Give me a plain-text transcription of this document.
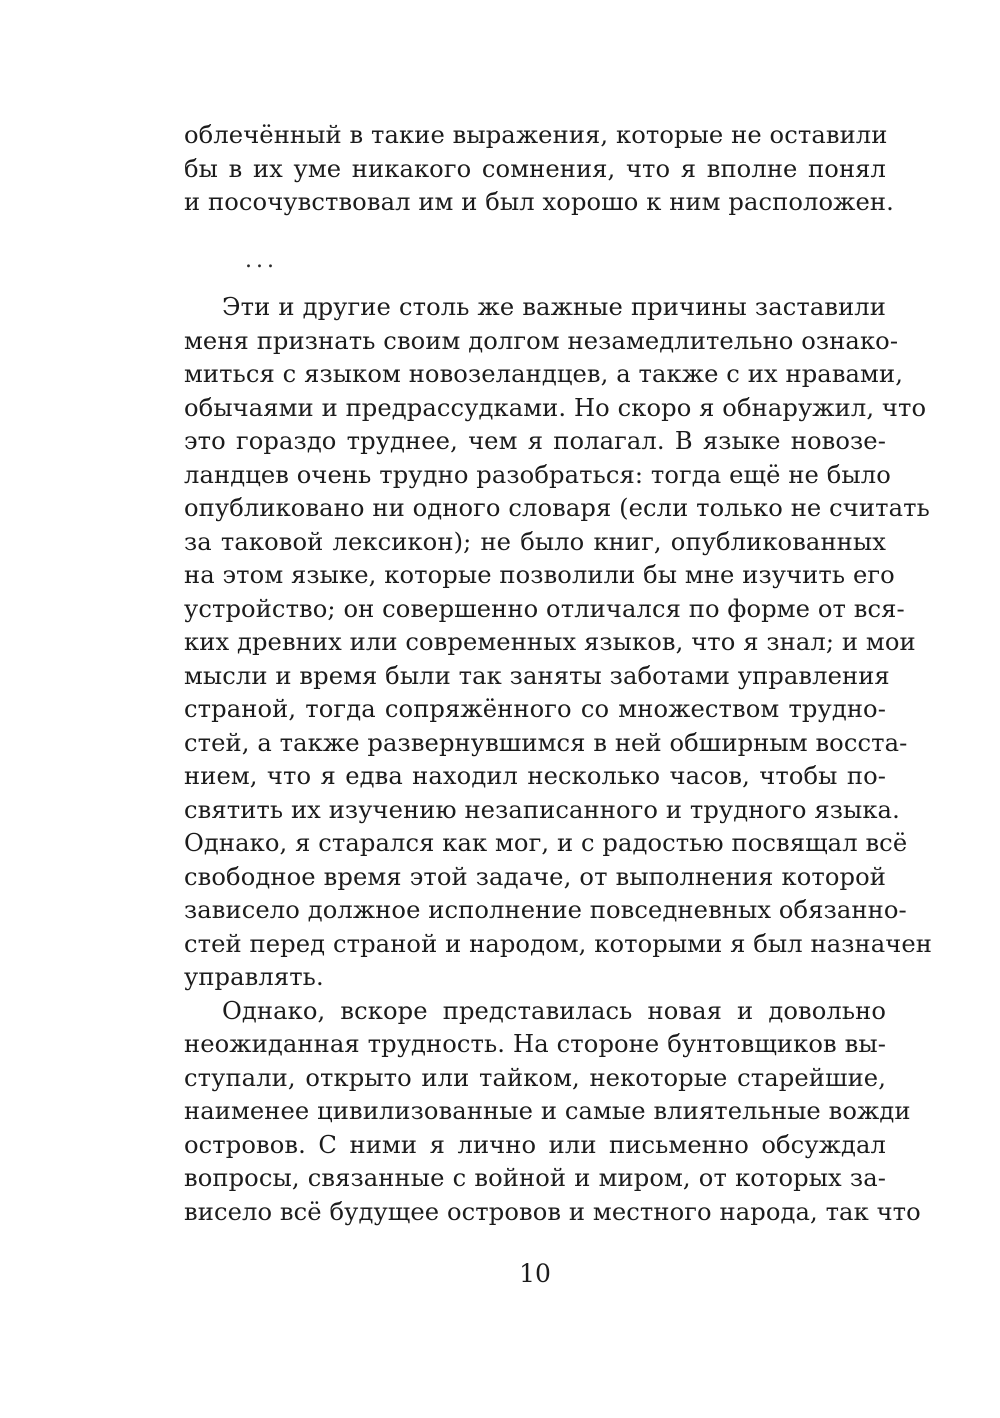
облечённый в такие выражения, которые не оставили
бы в их уме никакого сомнения, что я вполне понял
и посочувствовал им и был хорошо к ним расположен.
...
Эти и другие столь же важные причины заставили
меня признать своим долгом незамедлительно ознако-
миться с языком новозеландцев, а также с их нравами,
обычаями и предрассудками. Но скоро я обнаружил, что
это гораздо труднее, чем я полагал. В языке новозе-
ландцев очень трудно разобраться: тогда ещё не было
опубликовано ни одного словаря (если только не считать
за таковой лексикон); не было книг, опубликованных
на этом языке, которые позволили бы мне изучить его
устройство; он совершенно отличался по форме от вся-
ких древних или современных языков, что я знал; и мои
мысли и время были так заняты заботами управления
страной, тогда сопряжённого со множеством трудно-
стей, а также развернувшимся в ней обширным восста-
нием, что я едва находил несколько часов, чтобы по-
святить их изучению незаписанного и трудного языка.
Однако, я старался как мог, и с радостью посвящал всё
свободное время этой задаче, от выполнения которой
зависело должное исполнение повседневных обязанно-
стей перед страной и народом, которыми я был назначен
управлять.
Однако, вскоре представилась новая и довольно
неожиданная трудность. На стороне бунтовщиков вы-
ступали, открыто или тайком, некоторые старейшие,
наименее цивилизованные и самые влиятельные вожди
островов. С ними я лично или письменно обсуждал
вопросы, связанные с войной и миром, от которых за-
висело всё будущее островов и местного народа, так что
10
